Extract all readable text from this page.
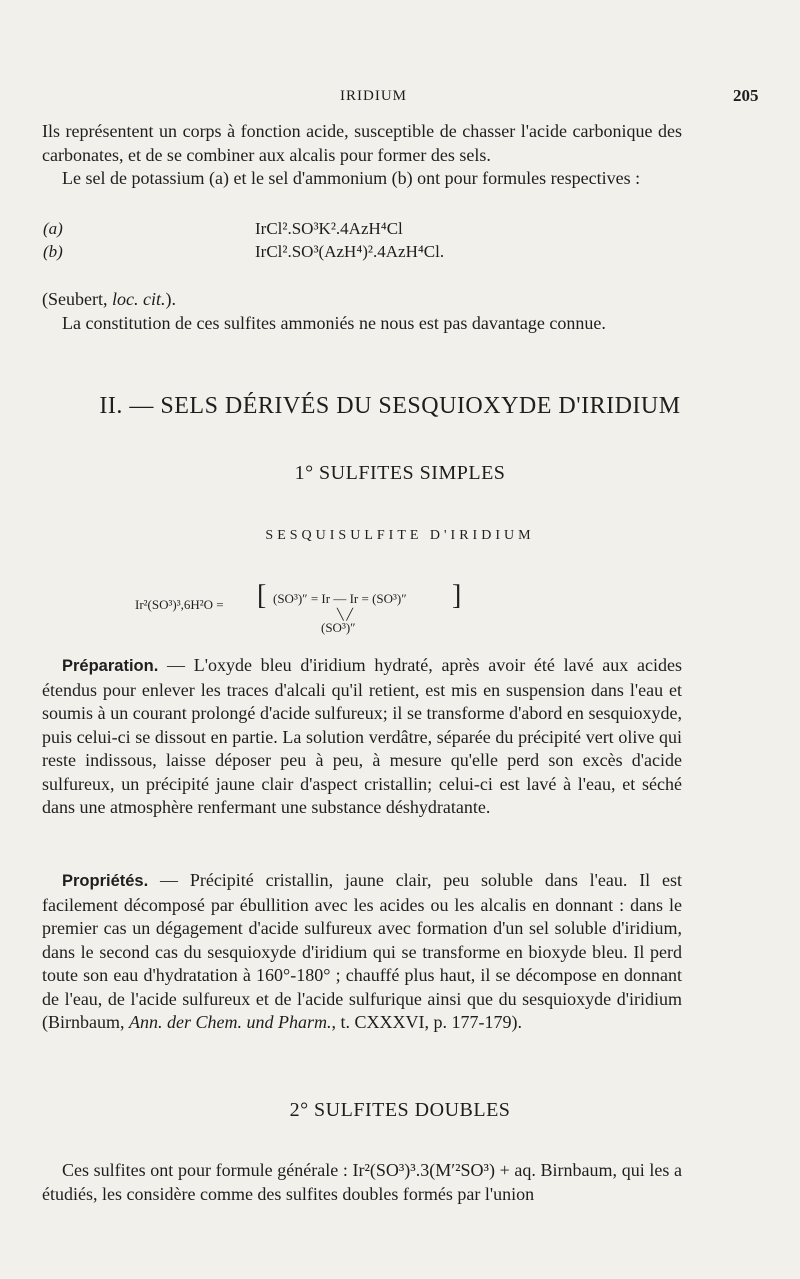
IRIDIUM	205
Ils représentent un corps à fonction acide, susceptible de chasser l'acide carbonique des carbonates, et de se combiner aux alcalis pour former des sels.
Le sel de potassium (a) et le sel d'ammonium (b) ont pour formules respectives :
(a)	IrCl².SO³K².4AzH⁴Cl
(b)	IrCl².SO³(AzH⁴)².4AzH⁴Cl.
(Seubert, loc. cit.).
La constitution de ces sulfites ammoniés ne nous est pas davantage connue.
II. — SELS DÉRIVÉS DU SESQUIOXYDE D'IRIDIUM
1° SULFITES SIMPLES
SESQUISULFITE D'IRIDIUM
Ir²(SO³)³,6H²O = [ (SO³)″ = Ir — Ir = (SO³)″
╲ ╱
(SO³)″
]
Préparation. — L'oxyde bleu d'iridium hydraté, après avoir été lavé aux acides étendus pour enlever les traces d'alcali qu'il retient, est mis en suspension dans l'eau et soumis à un courant prolongé d'acide sulfureux; il se transforme d'abord en sesquioxyde, puis celui-ci se dissout en partie. La solution verdâtre, séparée du précipité vert olive qui reste indissous, laisse déposer peu à peu, à mesure qu'elle perd son excès d'acide sulfureux, un précipité jaune clair d'aspect cristallin; celui-ci est lavé à l'eau, et séché dans une atmosphère renfermant une substance déshydratante.
Propriétés. — Précipité cristallin, jaune clair, peu soluble dans l'eau. Il est facilement décomposé par ébullition avec les acides ou les alcalis en donnant : dans le premier cas un dégagement d'acide sulfureux avec formation d'un sel soluble d'iridium, dans le second cas du sesquioxyde d'iridium qui se transforme en bioxyde bleu. Il perd toute son eau d'hydratation à 160°-180° ; chauffé plus haut, il se décompose en donnant de l'eau, de l'acide sulfureux et de l'acide sulfurique ainsi que du sesquioxyde d'iridium (Birnbaum, Ann. der Chem. und Pharm., t. CXXXVI, p. 177-179).
2° SULFITES DOUBLES
Ces sulfites ont pour formule générale : Ir²(SO³)³.3(M′²SO³) + aq. Birnbaum, qui les a étudiés, les considère comme des sulfites doubles formés par l'union
